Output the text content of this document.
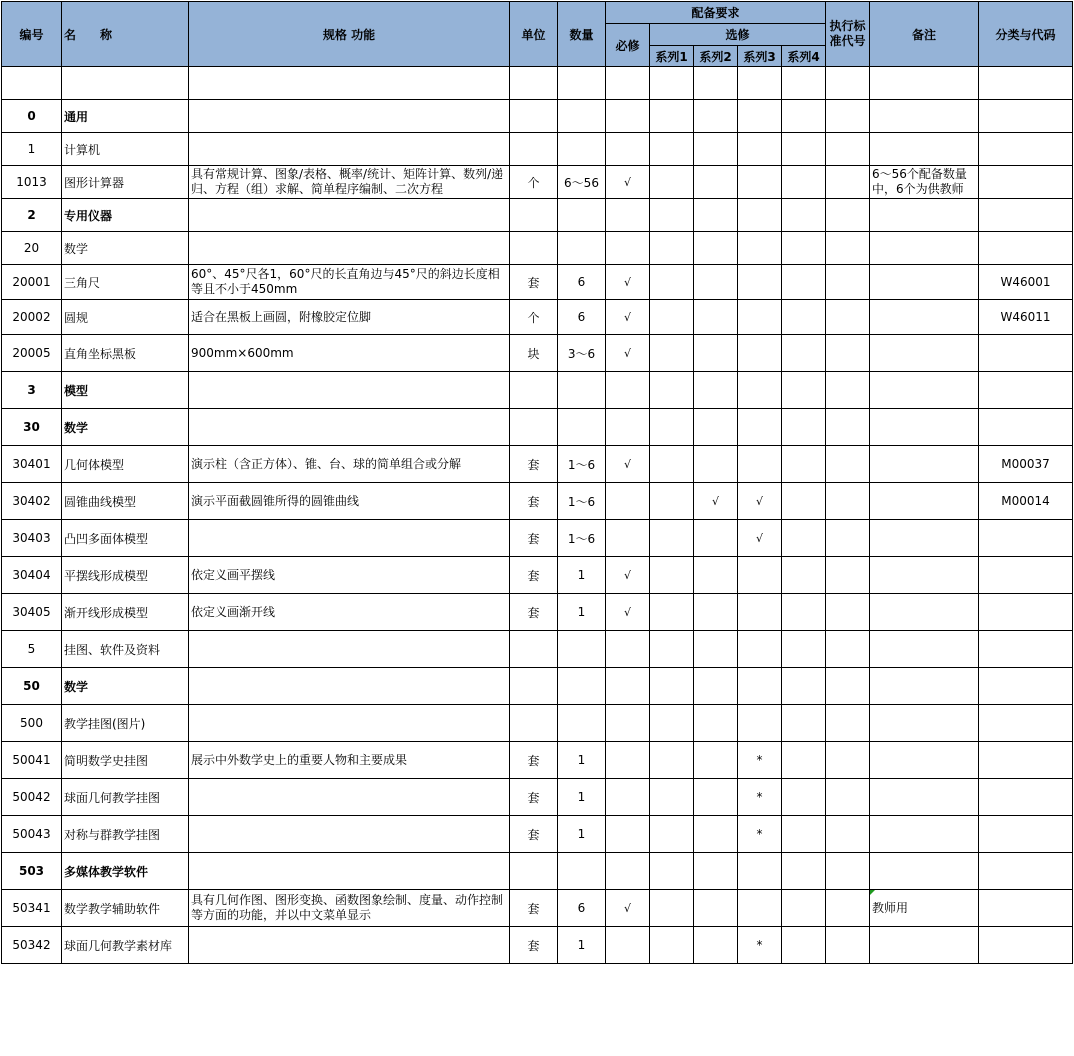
编号	名　　称	规格 功能	单位	数量	配备要求					执行标准代号	备注	分类与代码
					必修	选修						
						系列1	系列2	系列3	系列4			

0	通用											
1	计算机											
1013	图形计算器	具有常规计算、图象/表格、概率/统计、矩阵计算、数列/递归、方程（组）求解、简单程序编制、二次方程	个	6～56	√						6～56个配备数量中，6个为供教师	
2	专用仪器											
20	数学											
20001	三角尺	60°、45°尺各1，60°尺的长直角边与45°尺的斜边长度相等且不小于450mm	套	6	√							W46001
20002	圆规	适合在黑板上画圆，附橡胶定位脚	个	6	√							W46011
20005	直角坐标黑板	900mm×600mm	块	3～6	√							
3	模型											
30	数学											
30401	几何体模型	演示柱（含正方体）、锥、台、球的简单组合或分解	套	1～6	√							M00037
30402	圆锥曲线模型	演示平面截圆锥所得的圆锥曲线	套	1～6			√	√				M00014
30403	凸凹多面体模型		套	1～6				√				
30404	平摆线形成模型	依定义画平摆线	套	1	√							
30405	渐开线形成模型	依定义画渐开线	套	1	√							
5	挂图、软件及资料											
50	数学											
500	教学挂图(图片)											
50041	简明数学史挂图	展示中外数学史上的重要人物和主要成果	套	1				*				
50042	球面几何教学挂图		套	1				*				
50043	对称与群教学挂图		套	1				*				
503	多媒体教学软件											
50341	数学教学辅助软件	具有几何作图、图形变换、函数图象绘制、度量、动作控制等方面的功能，并以中文菜单显示	套	6	√						教师用	
50342	球面几何教学素材库		套	1				*				
